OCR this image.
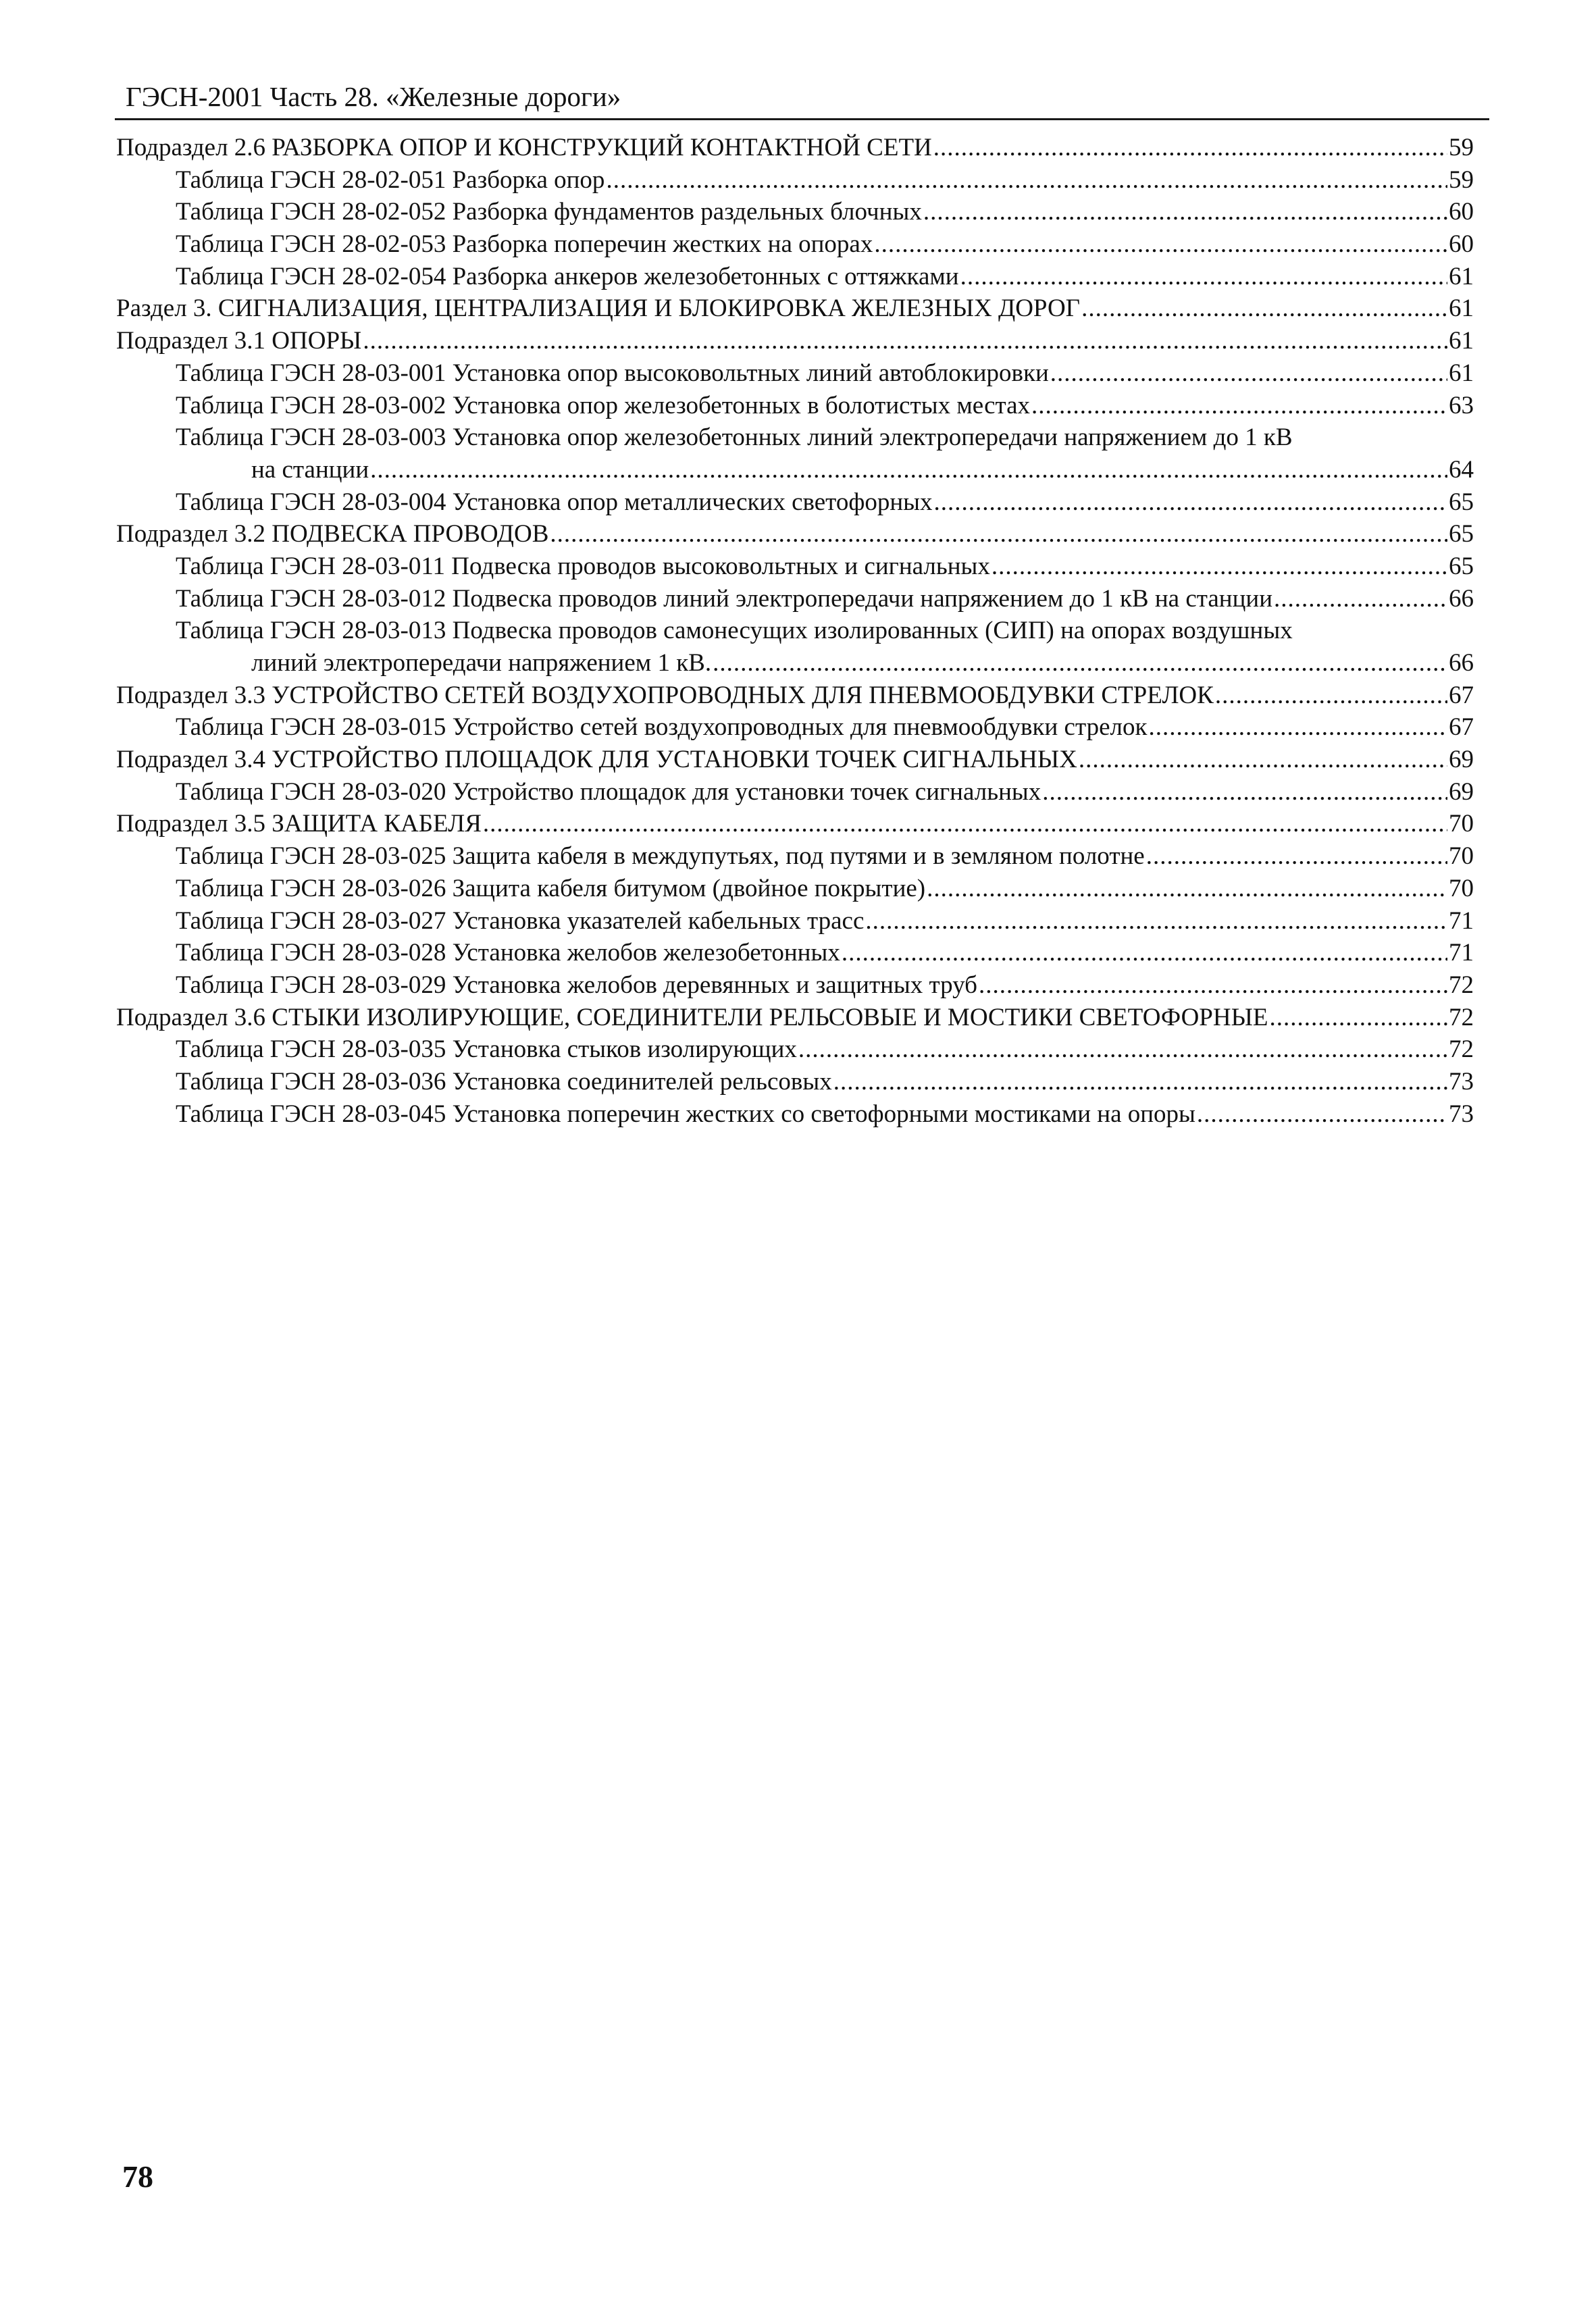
ГЭСН-2001 Часть 28. «Железные дороги»
Подраздел 2.6 РАЗБОРКА ОПОР И КОНСТРУКЦИЙ КОНТАКТНОЙ СЕТИ .....	59
Таблица ГЭСН 28-02-051 Разборка опор .....	59
Таблица ГЭСН 28-02-052 Разборка фундаментов раздельных блочных .....	60
Таблица ГЭСН 28-02-053 Разборка поперечин жестких на опорах .....	60
Таблица ГЭСН 28-02-054 Разборка анкеров железобетонных с оттяжками .....	61
Раздел 3. СИГНАЛИЗАЦИЯ, ЦЕНТРАЛИЗАЦИЯ И БЛОКИРОВКА ЖЕЛЕЗНЫХ ДОРОГ .....	61
Подраздел 3.1 ОПОРЫ .....	61
Таблица ГЭСН 28-03-001 Установка опор высоковольтных линий автоблокировки .....	61
Таблица ГЭСН 28-03-002 Установка опор железобетонных в болотистых местах .....	63
Таблица ГЭСН 28-03-003 Установка опор железобетонных линий электропередачи напряжением до 1 кВ
на станции .....	64
Таблица ГЭСН 28-03-004 Установка опор металлических светофорных .....	65
Подраздел 3.2 ПОДВЕСКА ПРОВОДОВ .....	65
Таблица ГЭСН 28-03-011 Подвеска проводов высоковольтных и сигнальных .....	65
Таблица ГЭСН 28-03-012 Подвеска проводов линий электропередачи напряжением до 1 кВ на станции .....	66
Таблица ГЭСН 28-03-013 Подвеска проводов самонесущих изолированных (СИП) на опорах воздушных
линий электропередачи напряжением 1 кВ. .....	66
Подраздел 3.3 УСТРОЙСТВО СЕТЕЙ ВОЗДУХОПРОВОДНЫХ ДЛЯ ПНЕВМООБДУВКИ СТРЕЛОК .....	67
Таблица ГЭСН 28-03-015 Устройство сетей воздухопроводных для пневмообдувки стрелок .....	67
Подраздел 3.4 УСТРОЙСТВО ПЛОЩАДОК ДЛЯ УСТАНОВКИ ТОЧЕК СИГНАЛЬНЫХ .....	69
Таблица ГЭСН 28-03-020 Устройство площадок для установки точек сигнальных .....	69
Подраздел 3.5 ЗАЩИТА КАБЕЛЯ .....	70
Таблица ГЭСН 28-03-025 Защита кабеля в междупутьях, под путями и в земляном полотне .....	70
Таблица ГЭСН 28-03-026 Защита кабеля битумом (двойное покрытие) .....	70
Таблица ГЭСН 28-03-027 Установка указателей кабельных трасс .....	71
Таблица ГЭСН 28-03-028 Установка желобов железобетонных .....	71
Таблица ГЭСН 28-03-029 Установка желобов деревянных и защитных труб .....	72
Подраздел 3.6 СТЫКИ ИЗОЛИРУЮЩИЕ, СОЕДИНИТЕЛИ РЕЛЬСОВЫЕ И МОСТИКИ СВЕТОФОРНЫЕ .....	72
Таблица ГЭСН 28-03-035 Установка стыков изолирующих .....	72
Таблица ГЭСН 28-03-036 Установка соединителей рельсовых .....	73
Таблица ГЭСН 28-03-045 Установка поперечин жестких со светофорными мостиками на опоры .....	73
78
